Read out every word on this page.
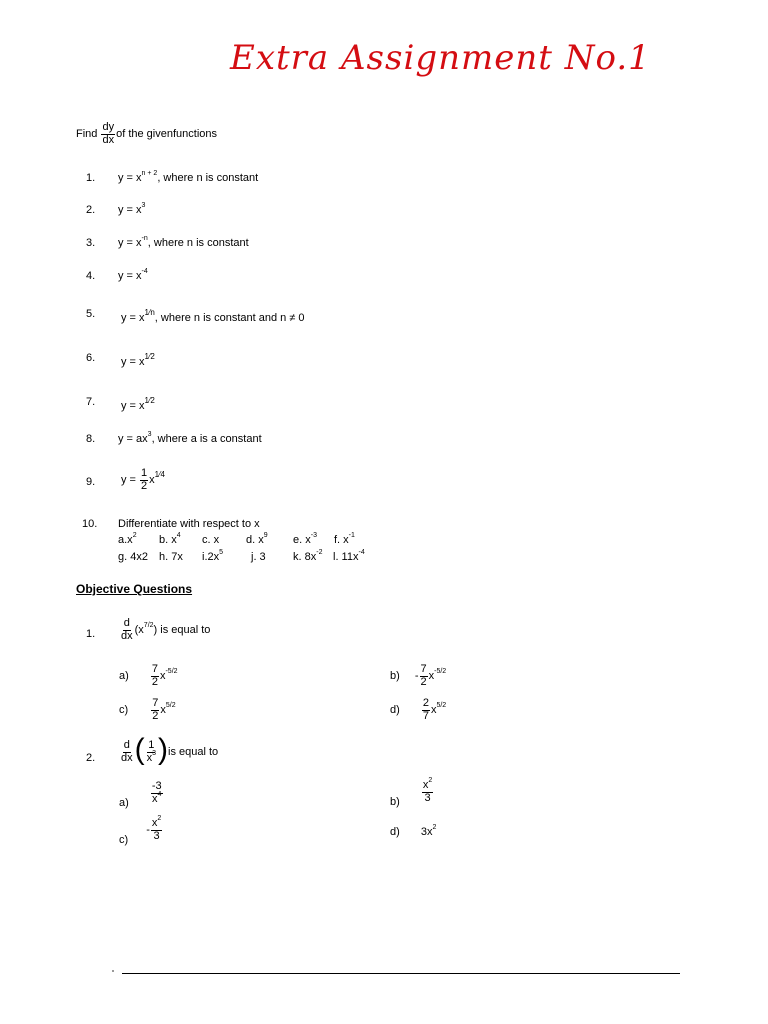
Extra Assignment No.1
Find $\frac{dy}{dx}$ of the givenfunctions
1. $y = x^{n + 2}$, where n is constant
2. $y = x^3$
3. $y = x^{-n}$, where n is constant
4. $y = x^{-4}$
5. y = x1⁄n, where n is constant and n ≠ 0
6. y = x1⁄2
7. y = x1⁄2
8. $y = ax^3$, where a is a constant
9. $y = \frac{1}{2}$ x1⁄4
10. Differentiate with respect to x
$a.x^2$ b. $x^4$ c. x d. $x^9$ e. $x^{-3}$ f. $x^{-1}$
g. 4x2 h. 7x $i.2x^5$	j. 3 k. $8x^{-2}$ l. $11x^{-4}$
Objective Questions
1. $\frac{d}{dx} (x^{7/2})$ is equal to
$a) \frac{7}{2} x^{-5/2}$	$b) - \frac{7}{2} x^{-5/2}$
$c) \frac{7}{2} x^{5/2}$	$d) \frac{2}{7} x^{5/2}$
2. $\frac{d}{dx}$ ( $\frac{1}{x^3} )is$ equal to
$a) \frac{-3}{x^4}$	$b) \frac{x^2}{3}$
$c) - \frac{x^2}{3}$	d) $3x^2$
